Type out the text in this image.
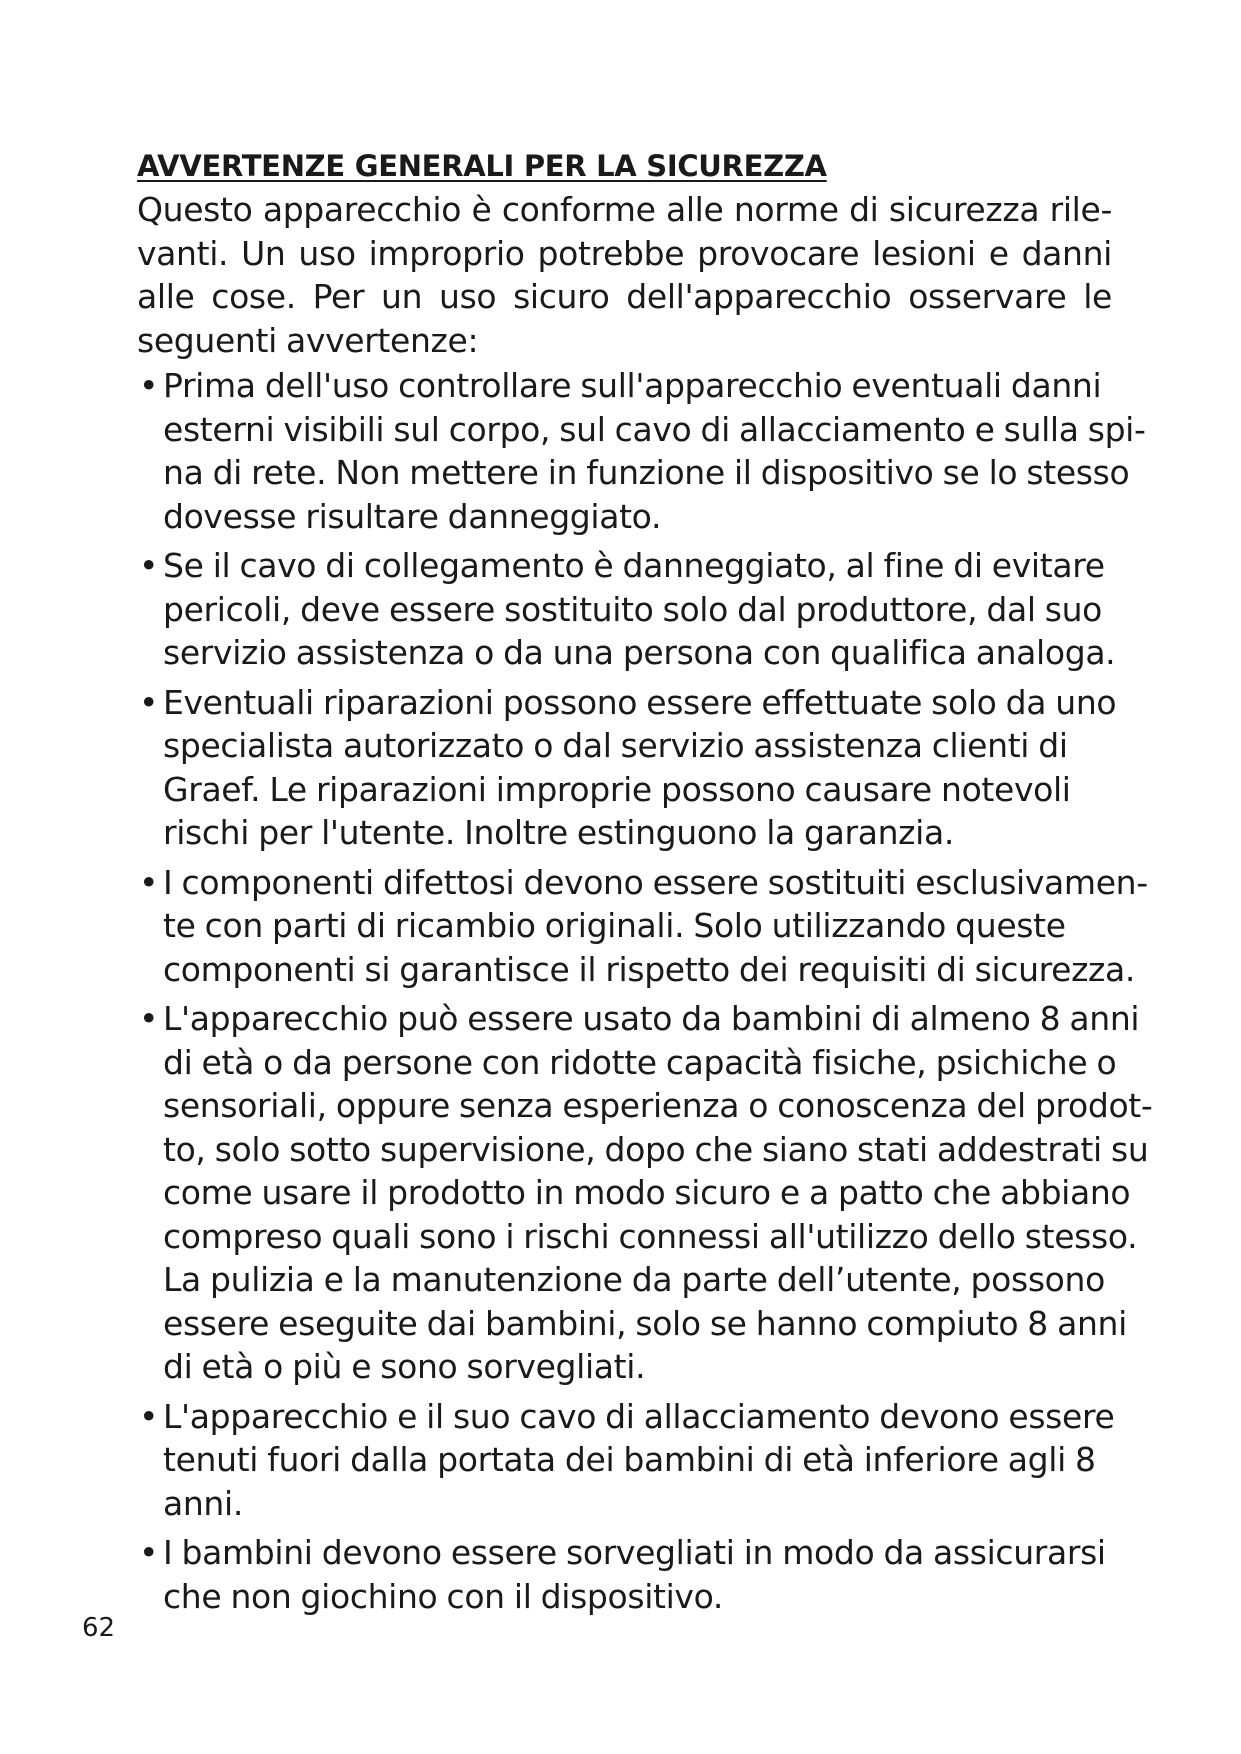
AVVERTENZE GENERALI PER LA SICUREZZA

Questo apparecchio è conforme alle norme di sicurezza rile-vanti. Un uso improprio potrebbe provocare lesioni e danni alle cose. Per un uso sicuro dell'apparecchio osservare le seguenti avvertenze:

• Prima dell'uso controllare sull'apparecchio eventuali danni
esterni visibili sul corpo, sul cavo di allacciamento e sulla spi-
na di rete. Non mettere in funzione il dispositivo se lo stesso
dovesse risultare danneggiato.
• Se il cavo di collegamento è danneggiato, al fine di evitare
pericoli, deve essere sostituito solo dal produttore, dal suo
servizio assistenza o da una persona con qualifica analoga.
• Eventuali riparazioni possono essere effettuate solo da uno
specialista autorizzato o dal servizio assistenza clienti di
Graef. Le riparazioni improprie possono causare notevoli
rischi per l'utente. Inoltre estinguono la garanzia.
• I componenti difettosi devono essere sostituiti esclusivamen-
te con parti di ricambio originali. Solo utilizzando queste
componenti si garantisce il rispetto dei requisiti di sicurezza.
• L'apparecchio può essere usato da bambini di almeno 8 anni
di età o da persone con ridotte capacità fisiche, psichiche o
sensoriali, oppure senza esperienza o conoscenza del prodot-
to, solo sotto supervisione, dopo che siano stati addestrati su
come usare il prodotto in modo sicuro e a patto che abbiano
compreso quali sono i rischi connessi all'utilizzo dello stesso.
La pulizia e la manutenzione da parte dell’utente, possono
essere eseguite dai bambini, solo se hanno compiuto 8 anni
di età o più e sono sorvegliati.
• L'apparecchio e il suo cavo di allacciamento devono essere
tenuti fuori dalla portata dei bambini di età inferiore agli 8
anni.
• I bambini devono essere sorvegliati in modo da assicurarsi
che non giochino con il dispositivo.
62
